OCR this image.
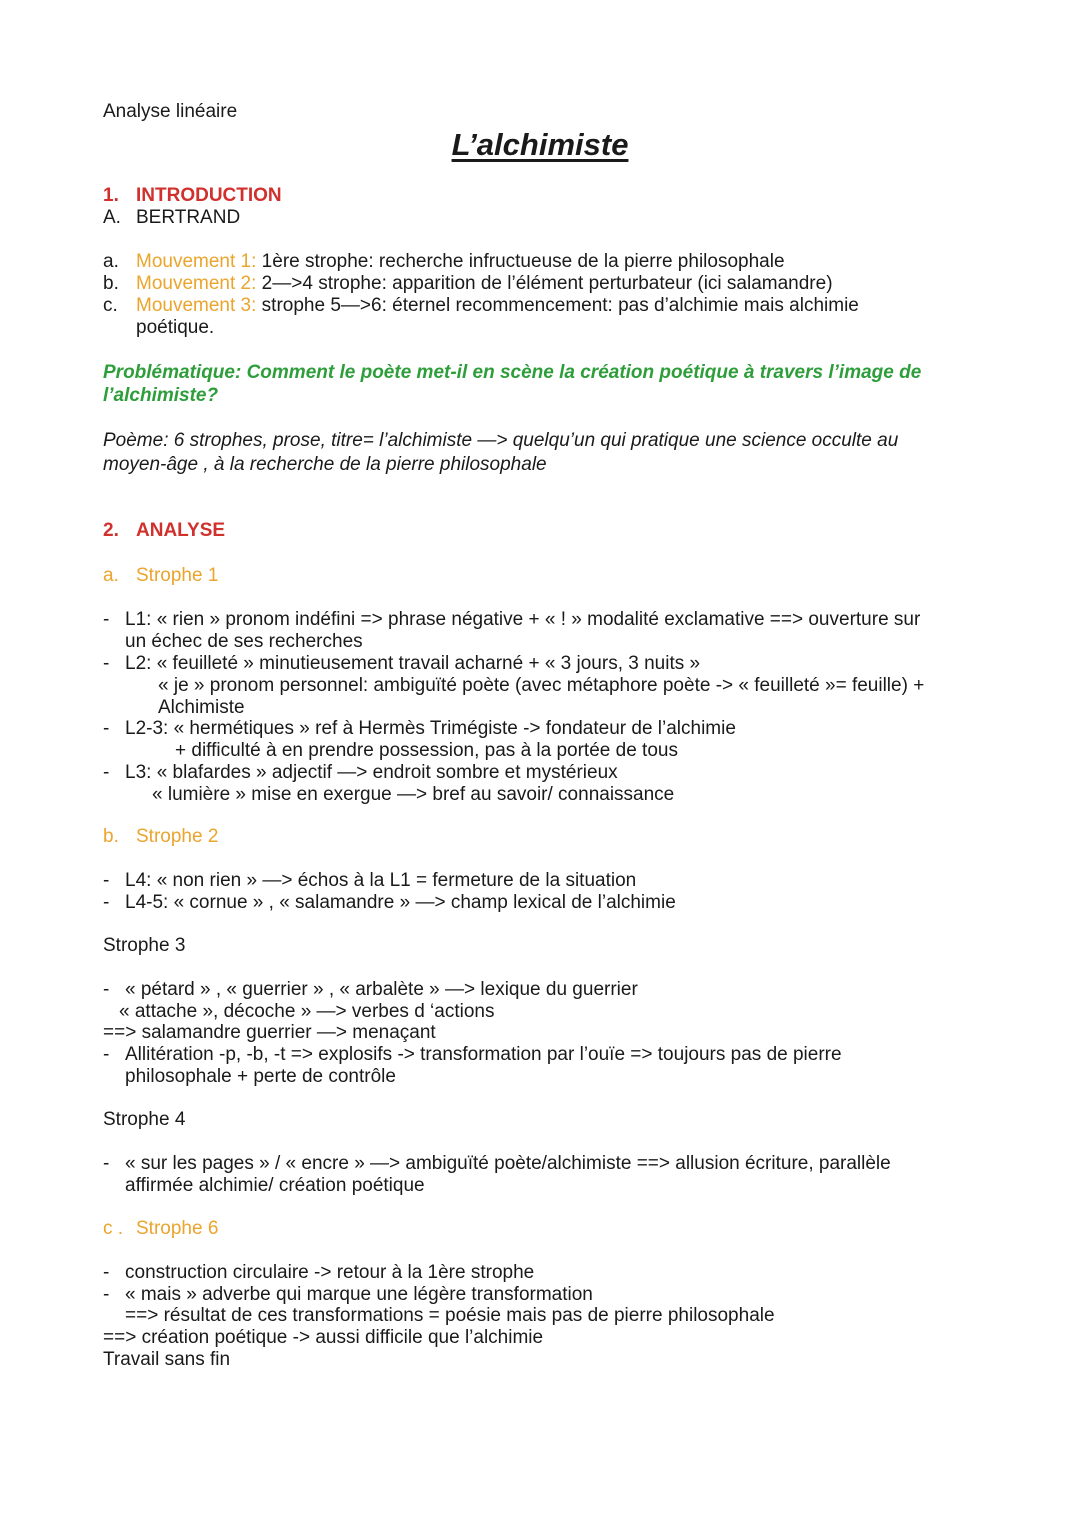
Analyse linéaire
L’alchimiste
1. INTRODUCTION
A. BERTRAND
a. Mouvement 1: 1ère strophe: recherche infructueuse de la pierre philosophale
b. Mouvement 2: 2—>4 strophe: apparition de l’élément perturbateur (ici salamandre)
c. Mouvement 3: strophe 5—>6: éternel recommencement: pas d’alchimie mais alchimie
poétique.
Problématique: Comment le poète met-il en scène la création poétique à travers l’image de
l’alchimiste?
Poème: 6 strophes, prose, titre= l’alchimiste —> quelqu’un qui pratique une science occulte au
moyen-âge , à la recherche de la pierre philosophale
2. ANALYSE
a. Strophe 1
- L1: « rien » pronom indéfini => phrase négative + « ! » modalité exclamative ==> ouverture sur
un échec de ses recherches
- L2: « feuilleté » minutieusement travail acharné + « 3 jours, 3 nuits »
« je » pronom personnel: ambiguïté poète (avec métaphore poète -> « feuilleté »= feuille) +
Alchimiste
- L2-3: « hermétiques » ref à Hermès Trimégiste -> fondateur de l’alchimie
+ difficulté à en prendre possession, pas à la portée de tous
- L3: « blafardes » adjectif —> endroit sombre et mystérieux
« lumière » mise en exergue —> bref au savoir/ connaissance
b. Strophe 2
- L4: « non rien » —> échos à la L1 = fermeture de la situation
- L4-5: « cornue » , « salamandre » —> champ lexical de l’alchimie
Strophe 3
- « pétard » , « guerrier » , « arbalète » —> lexique du guerrier
« attache », décoche » —> verbes d ‘actions
==> salamandre guerrier —> menaçant
- Allitération -p, -b, -t => explosifs -> transformation par l’ouïe => toujours pas de pierre
philosophale + perte de contrôle
Strophe 4
- « sur les pages » / « encre » —> ambiguïté poète/alchimiste ==> allusion écriture, parallèle
affirmée alchimie/ création poétique
c . Strophe 6
- construction circulaire -> retour à la 1ère strophe
- « mais » adverbe qui marque une légère transformation
==> résultat de ces transformations = poésie mais pas de pierre philosophale
==> création poétique -> aussi difficile que l’alchimie
Travail sans fin
